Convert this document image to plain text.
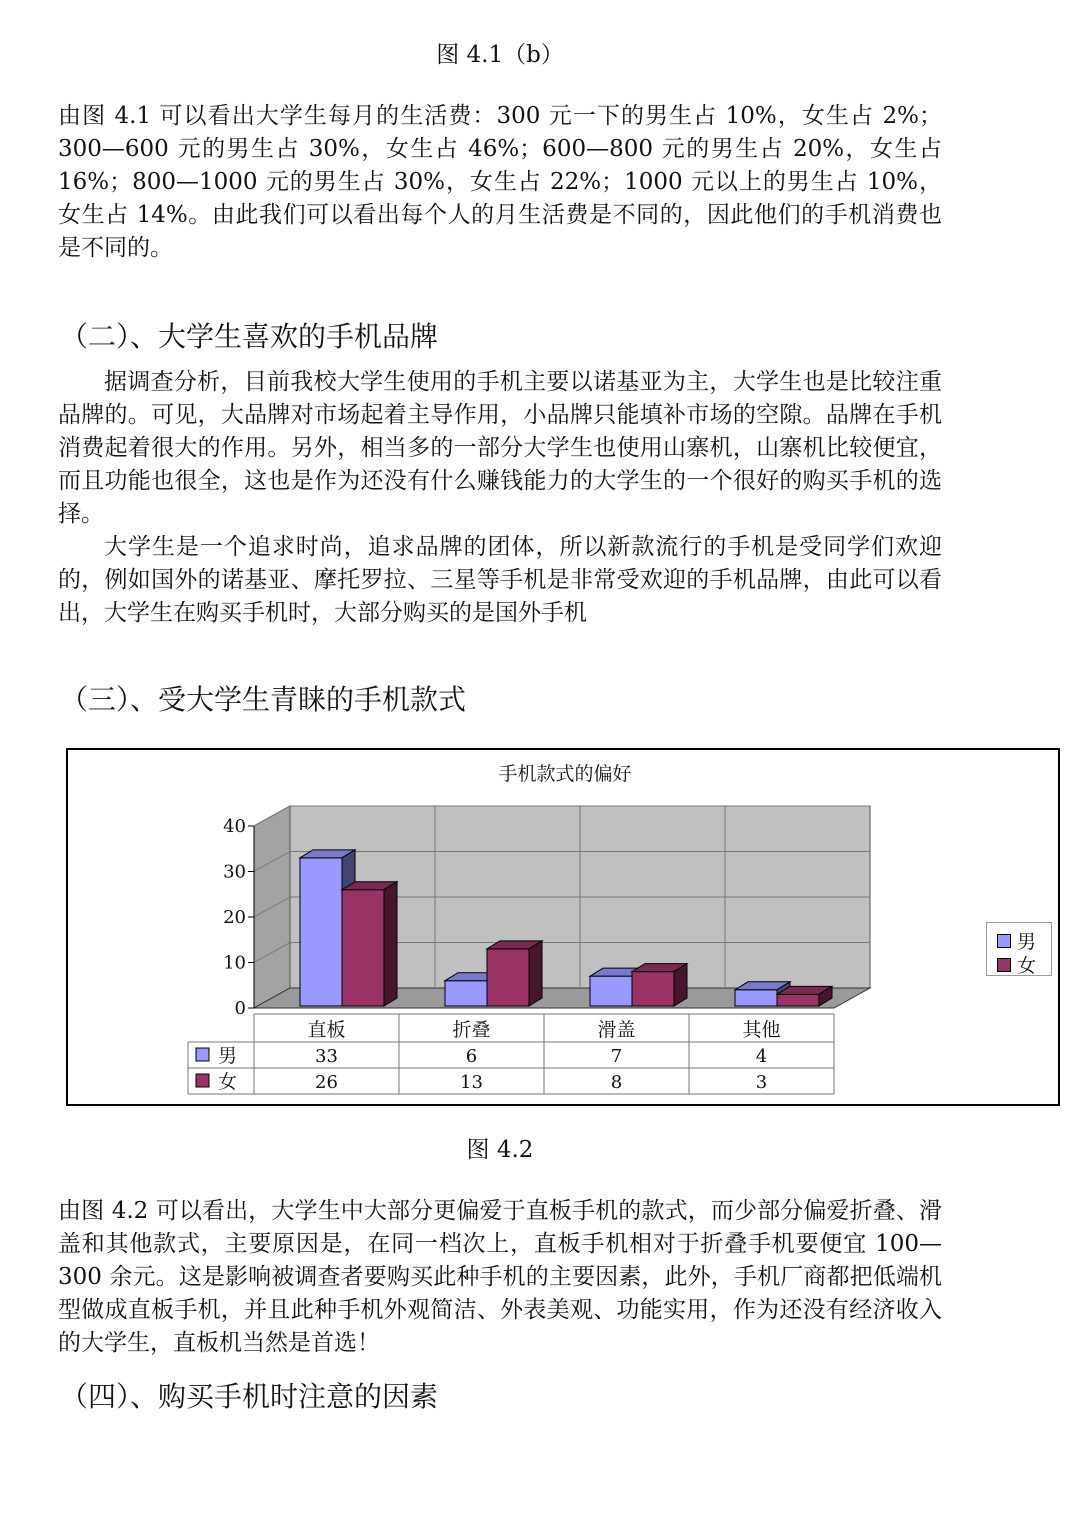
图 4.1（b）

由图 4.1 可以看出大学生每月的生活费：300 元一下的男生占 10%，女生占 2%；300—600 元的男生占 30%，女生占 46%；600—800 元的男生占 20%，女生占 16%；800—1000 元的男生占 30%，女生占 22%；1000 元以上的男生占 10%，女生占 14%。由此我们可以看出每个人的月生活费是不同的，因此他们的手机消费也是不同的。

（二）、大学生喜欢的手机品牌

据调查分析，目前我校大学生使用的手机主要以诺基亚为主，大学生也是比较注重品牌的。可见，大品牌对市场起着主导作用，小品牌只能填补市场的空隙。品牌在手机消费起着很大的作用。另外，相当多的一部分大学生也使用山寨机，山寨机比较便宜，而且功能也很全，这也是作为还没有什么赚钱能力的大学生的一个很好的购买手机的选择。

大学生是一个追求时尚，追求品牌的团体，所以新款流行的手机是受同学们欢迎的，例如国外的诺基亚、摩托罗拉、三星等手机是非常受欢迎的手机品牌，由此可以看出，大学生在购买手机时，大部分购买的是国外手机

（三）、受大学生青睐的手机款式
手机款式的偏好
0
10
20
30
40
直板	折叠	滑盖	其他
男	33	6	7	4
女	26	13	8	3
男
女
图 4.2

由图 4.2 可以看出，大学生中大部分更偏爱于直板手机的款式，而少部分偏爱折叠、滑盖和其他款式，主要原因是，在同一档次上，直板手机相对于折叠手机要便宜 100—300 余元。这是影响被调查者要购买此种手机的主要因素，此外，手机厂商都把低端机型做成直板手机，并且此种手机外观简洁、外表美观、功能实用，作为还没有经济收入的大学生，直板机当然是首选！

（四）、购买手机时注意的因素
